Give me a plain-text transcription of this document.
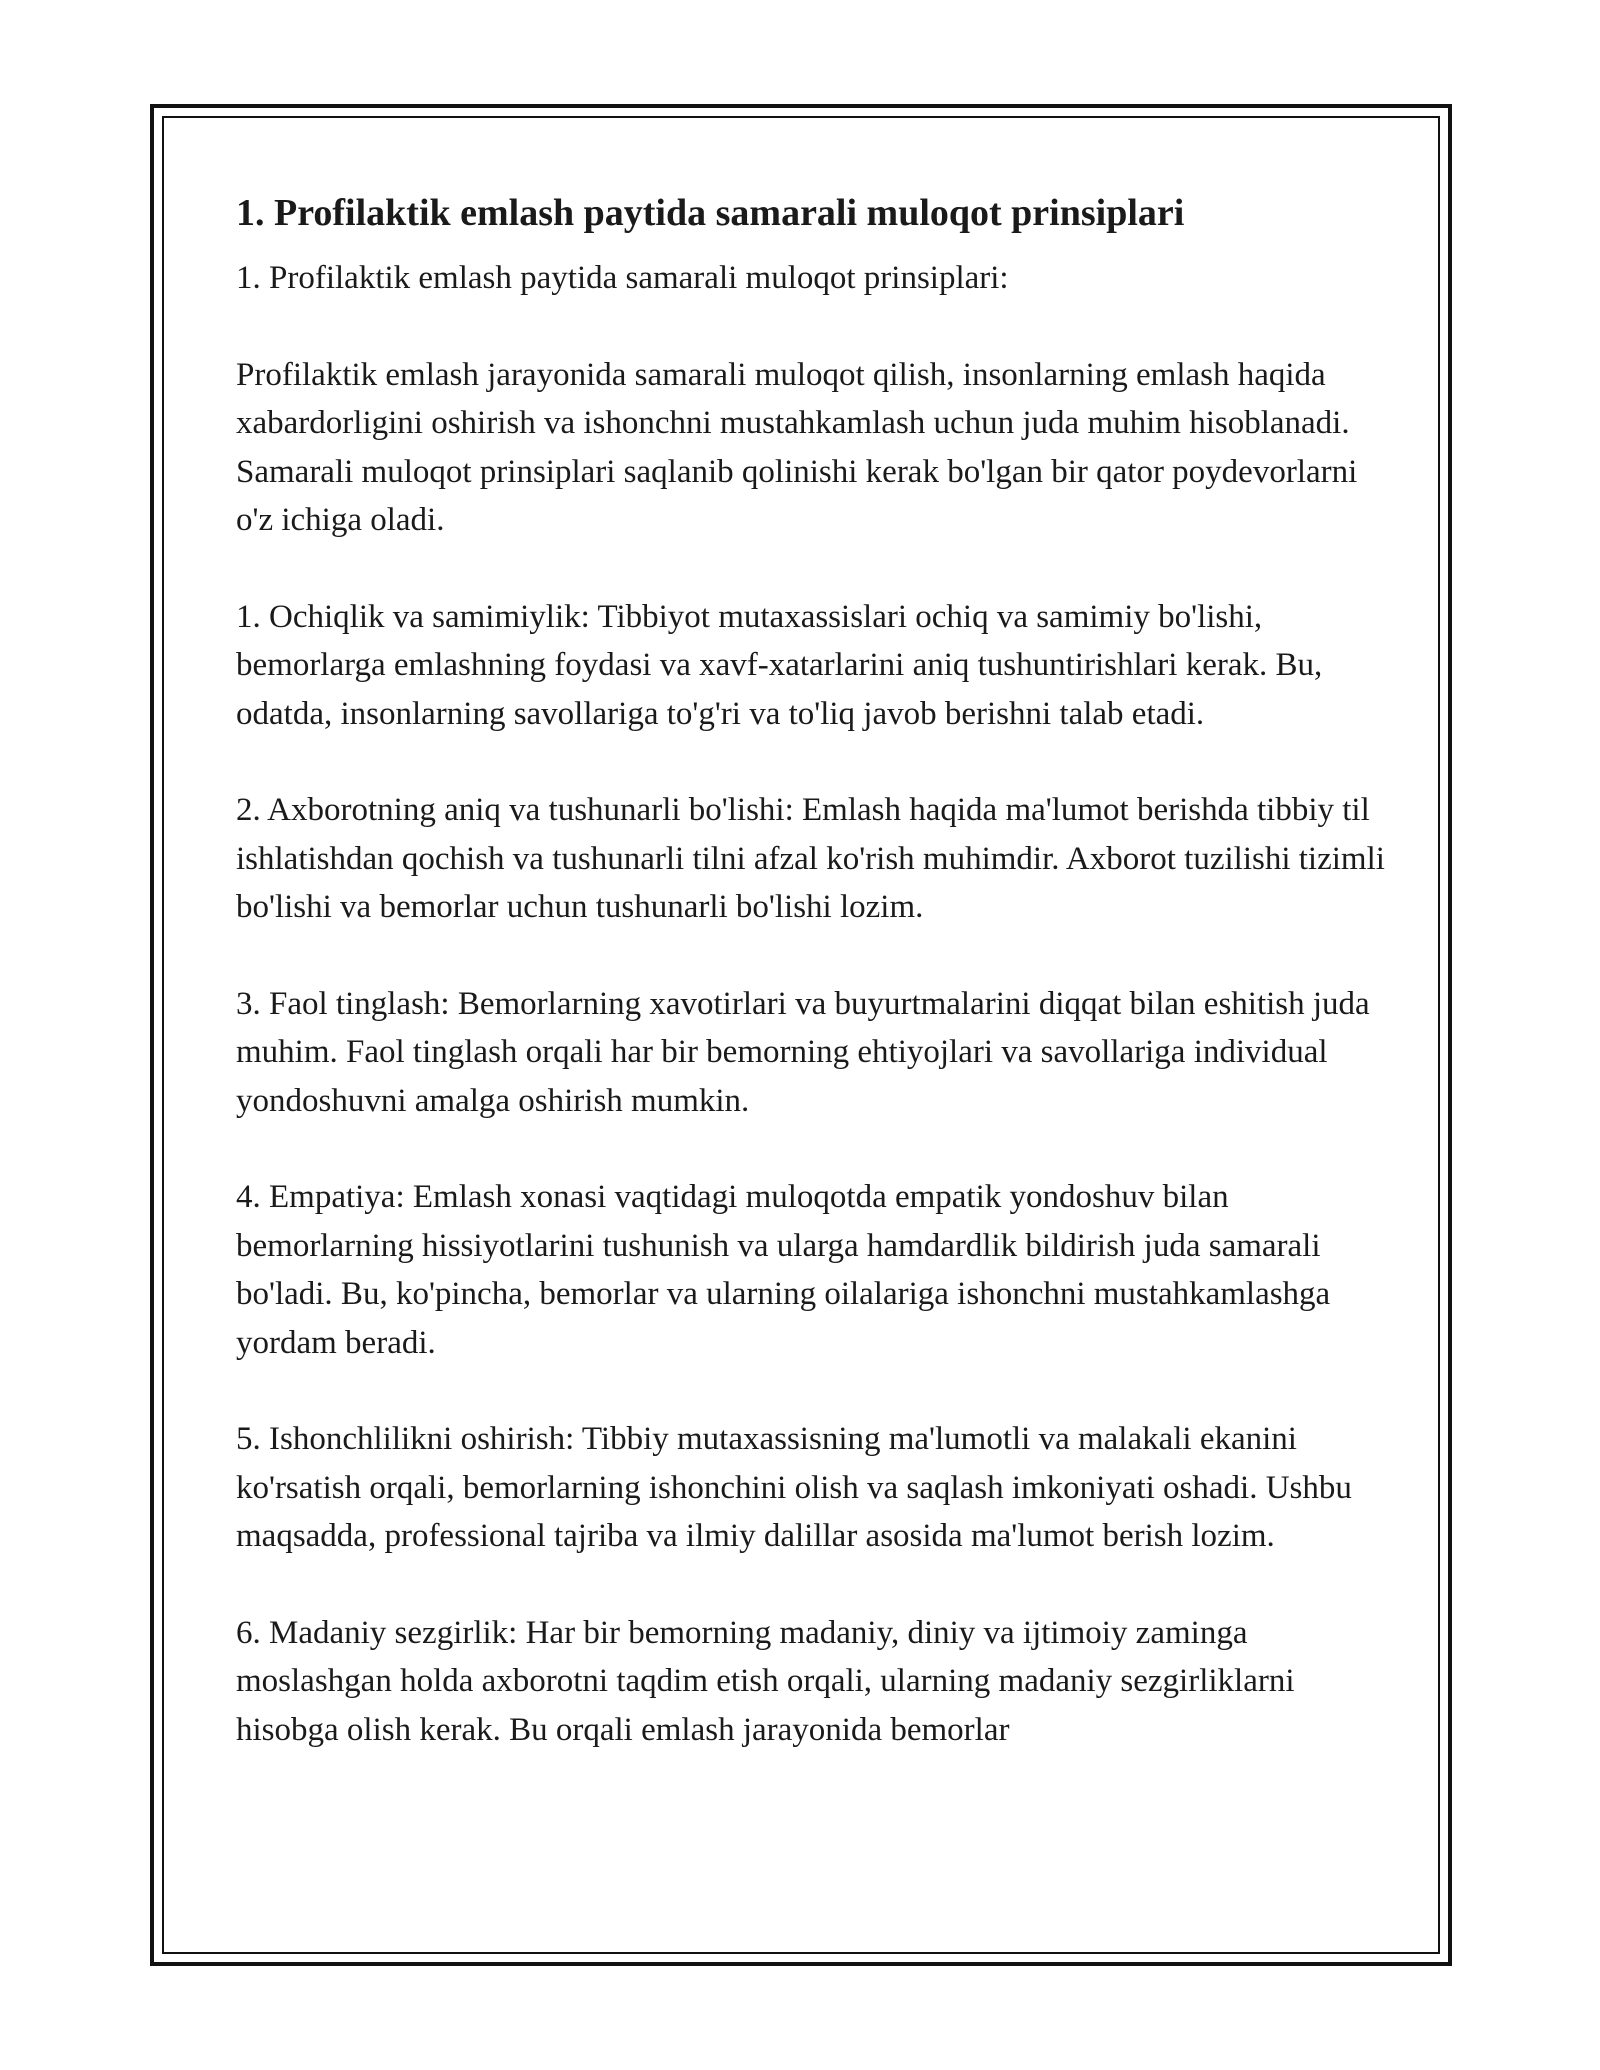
1. Profilaktik emlash paytida samarali muloqot prinsiplari

1. Profilaktik emlash paytida samarali muloqot prinsiplari:

Profilaktik emlash jarayonida samarali muloqot qilish, insonlarning emlash haqida xabardorligini oshirish va ishonchni mustahkamlash uchun juda muhim hisoblanadi. Samarali muloqot prinsiplari saqlanib qolinishi kerak bo'lgan bir qator poydevorlarni o'z ichiga oladi.

1. Ochiqlik va samimiylik: Tibbiyot mutaxassislari ochiq va samimiy bo'lishi, bemorlarga emlashning foydasi va xavf-xatarlarini aniq tushuntirishlari kerak. Bu, odatda, insonlarning savollariga to'g'ri va to'liq javob berishni talab etadi.

2. Axborotning aniq va tushunarli bo'lishi: Emlash haqida ma'lumot berishda tibbiy til ishlatishdan qochish va tushunarli tilni afzal ko'rish muhimdir. Axborot tuzilishi tizimli bo'lishi va bemorlar uchun tushunarli bo'lishi lozim.

3. Faol tinglash: Bemorlarning xavotirlari va buyurtmalarini diqqat bilan eshitish juda muhim. Faol tinglash orqali har bir bemorning ehtiyojlari va savollariga individual yondoshuvni amalga oshirish mumkin.

4. Empatiya: Emlash xonasi vaqtidagi muloqotda empatik yondoshuv bilan bemorlarning hissiyotlarini tushunish va ularga hamdardlik bildirish juda samarali bo'ladi. Bu, ko'pincha, bemorlar va ularning oilalariga ishonchni mustahkamlashga yordam beradi.

5. Ishonchlilikni oshirish: Tibbiy mutaxassisning ma'lumotli va malakali ekanini ko'rsatish orqali, bemorlarning ishonchini olish va saqlash imkoniyati oshadi. Ushbu maqsadda, professional tajriba va ilmiy dalillar asosida ma'lumot berish lozim.

6. Madaniy sezgirlik: Har bir bemorning madaniy, diniy va ijtimoiy zaminga moslashgan holda axborotni taqdim etish orqali, ularning madaniy sezgirliklarni hisobga olish kerak. Bu orqali emlash jarayonida bemorlar
